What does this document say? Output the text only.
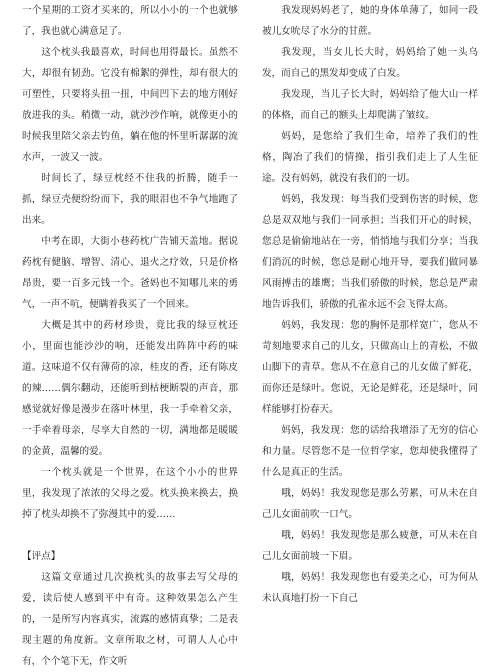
一个星期的工资才买来的，所以小小的一个也就够了，我也就心满意足了。

这个枕头我最喜欢，时间也用得最长。虽然不大，却很有韧劲。它没有棉絮的弹性，却有很大的可塑性，只要将头扭一扭，中间凹下去的地方刚好放进我的头。稍微一动，就沙沙作响，就像更小的时候我里陪父亲去钓鱼，躺在他的怀里听潺潺的流水声，一波又一波。

时间长了，绿豆枕经不住我的折腾，随手一抓，绿豆壳便纷纷而下，我的眼泪也不争气地跑了出来。

中考在即，大街小巷药枕广告铺天盖地。据说药枕有健脑、增智、清心、退火之疗效，只是价格昂贵，要一百多元钱一个。爸妈也不知哪儿来的勇气，一声不吭，便瞒着我买了一个回来。

大概是其中的药材珍贵，竟比我的绿豆枕还小，里面也能沙沙的响，还能发出阵阵中药的味道。这味道不仅有薄荷的凉，桂皮的香，还有陈皮的辣……偶尔翻动，还能听到枯梗断裂的声音，那感觉就好像是漫步在落叶林里，我一手牵着父亲，一手牵着母亲，尽享大自然的一切，满地都是暖暖的金黄，温馨的爱。

一个枕头就是一个世界，在这个小小的世界里，我发现了浓浓的父母之爱。枕头换来换去，换掉了枕头却换不了弥漫其中的爱……

【评点】

这篇文章通过几次换枕头的故事去写父母的爱，读后使人感到平中有奇。这种效果怎么产生的，一是所写内容真实，流露的感情真挚；二是表现主题的角度新。文章所取之材，可谓人人心中有，个个笔下无，作文听

我发现妈妈老了，她的身体单薄了，如同一段被儿女吮尽了水分的甘蔗。

我发现，当女儿长大时，妈妈给了她一头乌发，而自己的黑发却变成了白发。

我发现，当儿子长大时，妈妈给了他大山一样的体格，而自己的额头上却爬满了皱纹。

妈妈，是您给了我们生命，培养了我们的性格，陶冶了我们的情操，指引我们走上了人生征途。没有妈妈，就没有我们的一切。

妈妈，我发现：每当我们受到伤害的时候，您总是双双地与我们一同承担；当我们开心的时候，您总是偷偷地站在一旁，悄悄地与我们分享；当我们消沉的时候，您总是耐心地开导，要我们做同暴风雨搏击的雄鹰；当我们骄傲的时候，您总是严肃地告诉我们，骄傲的孔雀永远不会飞得太高。

妈妈，我发现：您的胸怀是那样宽广，您从不苛刻地要求自己的儿女，只做高山上的青松，不做山脚下的青草。您从不在意自己的儿女做了鲜花，而你还是绿叶。您说，无论是鲜花，还是绿叶，同样能够打扮春天。

妈妈，我发现：您的话给我增添了无穷的信心和力量。尽管您不是一位哲学家，您却使我懂得了什么是真正的生活。

哦，妈妈！我发现您是那么劳累，可从未在自己儿女面前吹一口气。

哦，妈妈！我发现您是那么疲惫，可从未在自己儿女面前坡一下眉。

哦，妈妈！我发现您也有爱美之心，可为何从未认真地打扮一下自己
